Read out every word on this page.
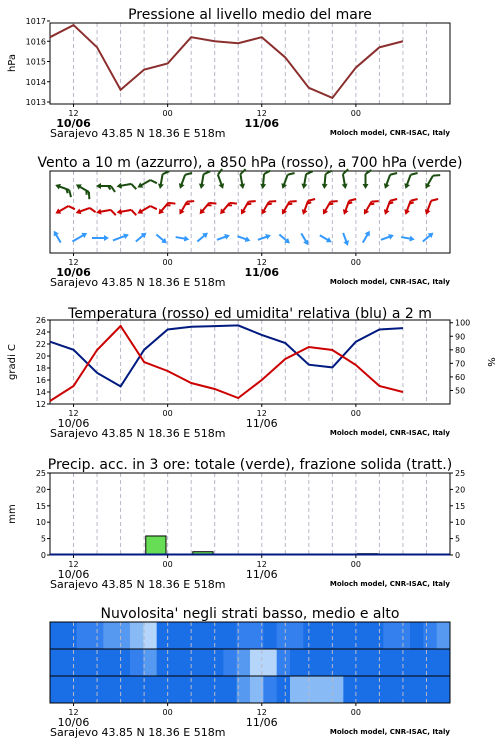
Pressione al livello medio del mare
1013
1014
1015
1016
1017
hPa
12	00	12	00
10/06	11/06
Sarajevo 43.85 N 18.36 E 518m	Moloch model, CNR-ISAC, Italy
Vento a 10 m (azzurro), a 850 hPa (rosso), a 700 hPa (verde)
12	00	12	00
10/06	11/06
Sarajevo 43.85 N 18.36 E 518m	Moloch model, CNR-ISAC, Italy
Temperatura (rosso) ed umidita' relativa (blu) a 2 m
12
14
16
18
20
22
24
26
50
60
70
80
90
100
gradi C	%
12	00	12	00
10/06	11/06
Sarajevo 43.85 N 18.36 E 518m	Moloch model, CNR-ISAC, Italy
Precip. acc. in 3 ore: totale (verde), frazione solida (tratt.)
0	0
5	5
10	10
15	15
20	20
25	25
mm
12	00	12	00
10/06	11/06
Sarajevo 43.85 N 18.36 E 518m	Moloch model, CNR-ISAC, Italy
Nuvolosita' negli strati basso, medio e alto
12	00	12	00
10/06	11/06
Sarajevo 43.85 N 18.36 E 518m	Moloch model, CNR-ISAC, Italy
